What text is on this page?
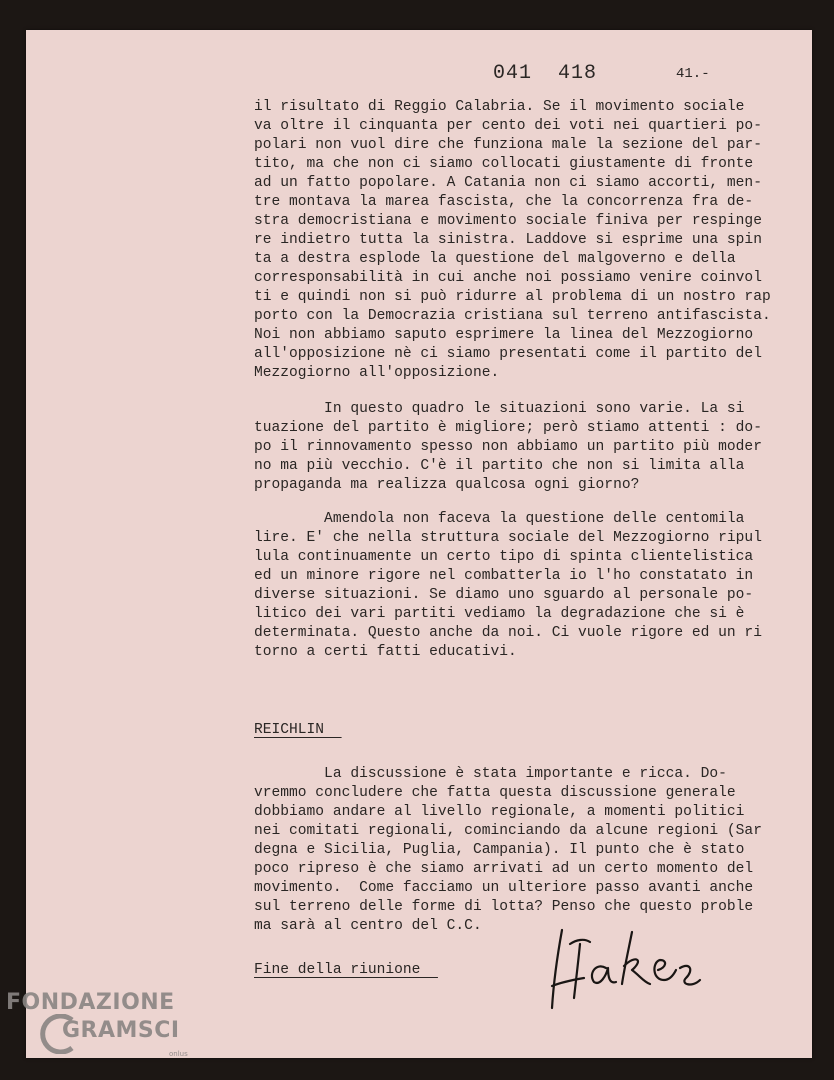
041  418	41.-
il risultato di Reggio Calabria. Se il movimento sociale
va oltre il cinquanta per cento dei voti nei quartieri po-
polari non vuol dire che funziona male la sezione del par-
tito, ma che non ci siamo collocati giustamente di fronte
ad un fatto popolare. A Catania non ci siamo accorti, men-
tre montava la marea fascista, che la concorrenza fra de-
stra democristiana e movimento sociale finiva per respinge
re indietro tutta la sinistra. Laddove si esprime una spin
ta a destra esplode la questione del malgoverno e della
corresponsabilità in cui anche noi possiamo venire coinvol
ti e quindi non si può ridurre al problema di un nostro rap
porto con la Democrazia cristiana sul terreno antifascista.
Noi non abbiamo saputo esprimere la linea del Mezzogiorno
all'opposizione nè ci siamo presentati come il partito del
Mezzogiorno all'opposizione.
In questo quadro le situazioni sono varie. La si
tuazione del partito è migliore; però stiamo attenti : do-
po il rinnovamento spesso non abbiamo un partito più moder
no ma più vecchio. C'è il partito che non si limita alla
propaganda ma realizza qualcosa ogni giorno?
Amendola non faceva la questione delle centomila
lire. E' che nella struttura sociale del Mezzogiorno ripul
lula continuamente un certo tipo di spinta clientelistica
ed un minore rigore nel combatterla io l'ho constatato in
diverse situazioni. Se diamo uno sguardo al personale po-
litico dei vari partiti vediamo la degradazione che si è
determinata. Questo anche da noi. Ci vuole rigore ed un ri
torno a certi fatti educativi.
REICHLIN
La discussione è stata importante e ricca. Do-
vremmo concludere che fatta questa discussione generale
dobbiamo andare al livello regionale, a momenti politici
nei comitati regionali, cominciando da alcune regioni (Sar
degna e Sicilia, Puglia, Campania). Il punto che è stato
poco ripreso è che siamo arrivati ad un certo momento del
movimento.  Come facciamo un ulteriore passo avanti anche
sul terreno delle forme di lotta? Penso che questo proble
ma sarà al centro del C.C.
Fine della riunione
FONDAZIONE
GRAMSCI
onlus
